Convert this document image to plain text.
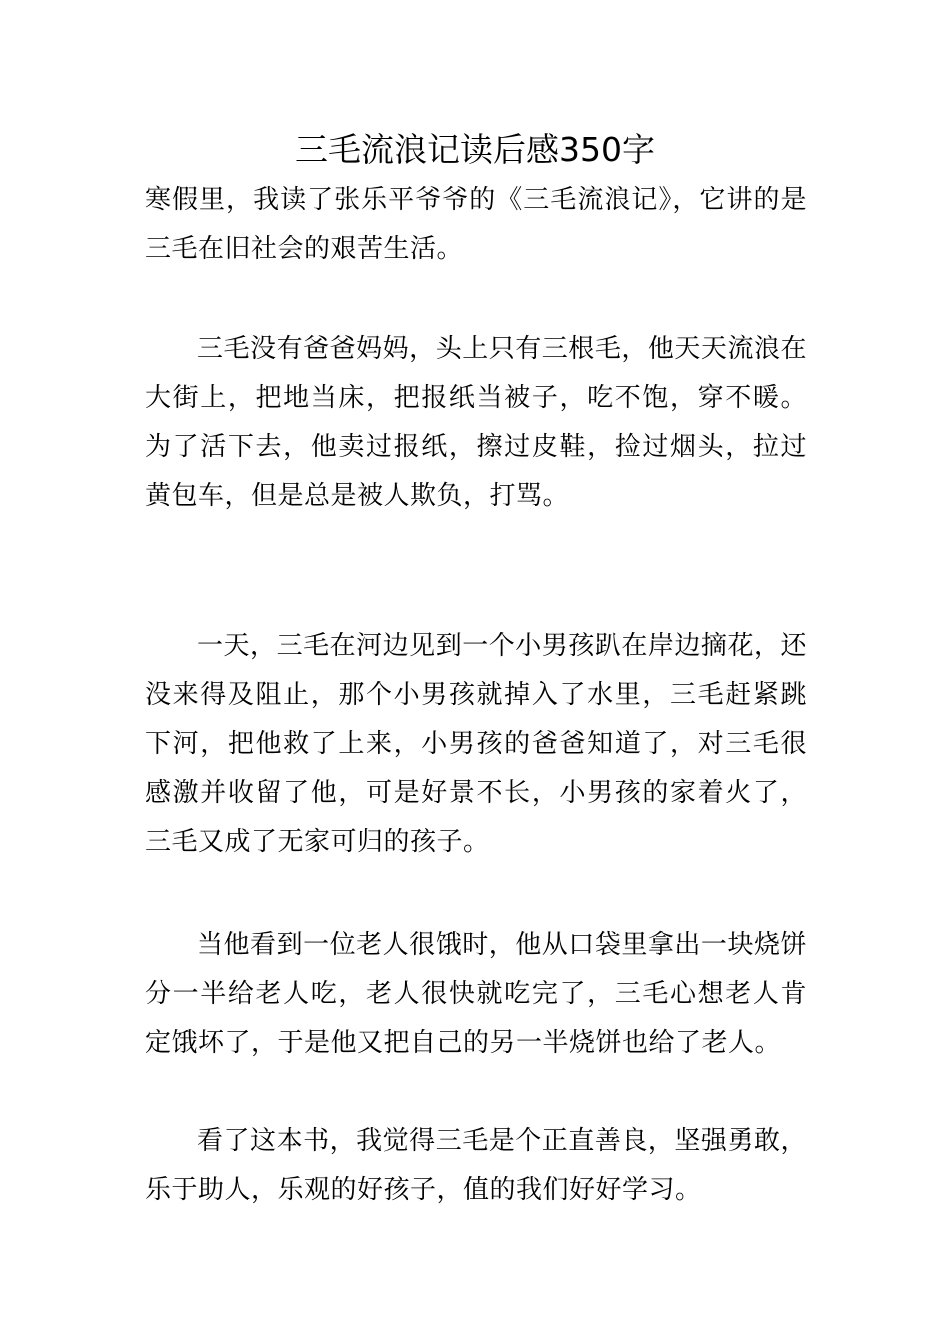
三毛流浪记读后感350字

寒假里，我读了张乐平爷爷的《三毛流浪记》，它讲的是三毛在旧社会的艰苦生活。

三毛没有爸爸妈妈，头上只有三根毛，他天天流浪在大街上，把地当床，把报纸当被子，吃不饱，穿不暖。为了活下去，他卖过报纸，擦过皮鞋，捡过烟头，拉过黄包车，但是总是被人欺负，打骂。

一天，三毛在河边见到一个小男孩趴在岸边摘花，还没来得及阻止，那个小男孩就掉入了水里，三毛赶紧跳下河，把他救了上来，小男孩的爸爸知道了，对三毛很感激并收留了他，可是好景不长，小男孩的家着火了，三毛又成了无家可归的孩子。

当他看到一位老人很饿时，他从口袋里拿出一块烧饼分一半给老人吃，老人很快就吃完了，三毛心想老人肯定饿坏了，于是他又把自己的另一半烧饼也给了老人。

看了这本书，我觉得三毛是个正直善良，坚强勇敢，乐于助人，乐观的好孩子，值的我们好好学习。
